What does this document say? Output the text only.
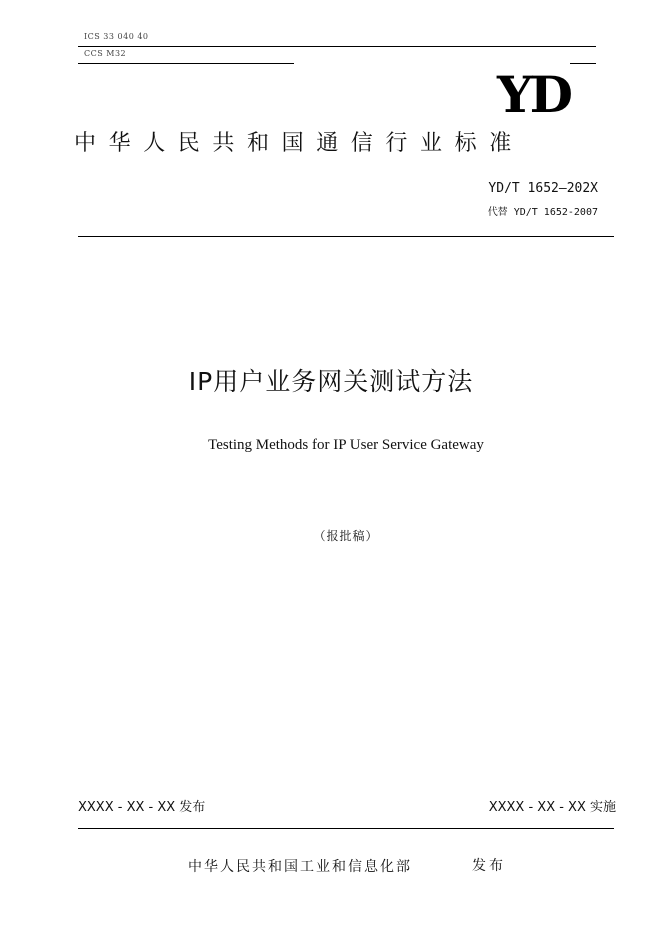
ICS 33 040 40
CCS M32
YD
中华人民共和国通信行业标准
YD/T 1652—202X
代替 YD/T 1652-2007
IP用户业务网关测试方法
Testing Methods for IP User Service Gateway
（报批稿）
XXXX - XX - XX 发布	XXXX - XX - XX 实施
中华人民共和国工业和信息化部	发布
